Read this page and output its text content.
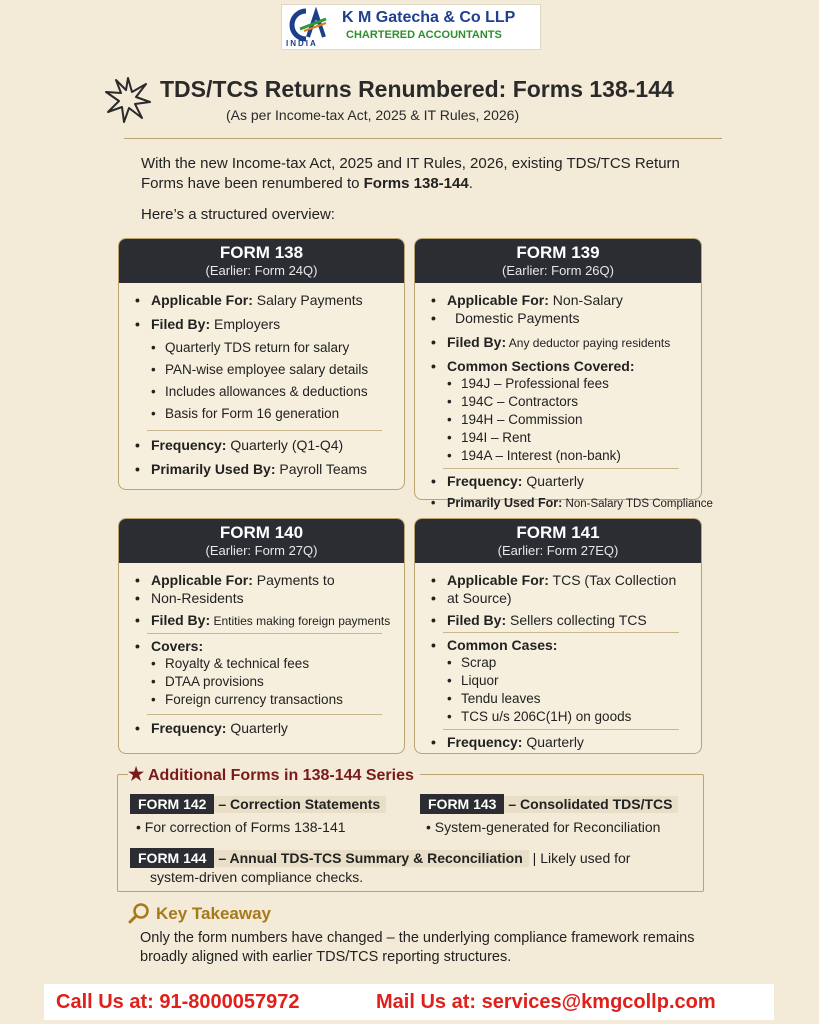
INDIA
K M Gatecha & Co LLP
CHARTERED ACCOUNTANTS
TDS/TCS Returns Renumbered: Forms 138-144
(As per Income-tax Act, 2025 & IT Rules, 2026)
With the new Income-tax Act, 2025 and IT Rules, 2026, existing TDS/TCS Return Forms have been renumbered to Forms 138-144.
Here’s a structured overview:
FORM 138
(Earlier: Form 24Q)
• Applicable For: Salary Payments
• Filed By: Employers
• Quarterly TDS return for salary
• PAN-wise employee salary details
• Includes allowances & deductions
• Basis for Form 16 generation
• Frequency: Quarterly (Q1-Q4)
• Primarily Used By: Payroll Teams
FORM 139
(Earlier: Form 26Q)
• Applicable For: Non-Salary
• Domestic Payments
• Filed By: Any deductor paying residents
• Common Sections Covered:
• 194J – Professional fees
• 194C – Contractors
• 194H – Commission
• 194I – Rent
• 194A – Interest (non-bank)
• Frequency: Quarterly
• Primarily Used For: Non-Salary TDS Compliance
FORM 140
(Earlier: Form 27Q)
• Applicable For: Payments to
• Non-Residents
• Filed By: Entities making foreign payments
• Covers:
• Royalty & technical fees
• DTAA provisions
• Foreign currency transactions
• Frequency: Quarterly
FORM 141
(Earlier: Form 27EQ)
• Applicable For: TCS (Tax Collection
• at Source)
• Filed By: Sellers collecting TCS
• Common Cases:
• Scrap
• Liquor
• Tendu leaves
• TCS u/s 206C(1H) on goods
• Frequency: Quarterly
★ Additional Forms in 138-144 Series
FORM 142 – Correction Statements
• For correction of Forms 138-141
FORM 143 – Consolidated TDS/TCS
• System-generated for Reconciliation
FORM 144 – Annual TDS-TCS Summary & Reconciliation | Likely used for
system-driven compliance checks.
Key Takeaway
Only the form numbers have changed – the underlying compliance framework remains broadly aligned with earlier TDS/TCS reporting structures.
Call Us at: 91-8000057972	Mail Us at: services@kmgcollp.com
